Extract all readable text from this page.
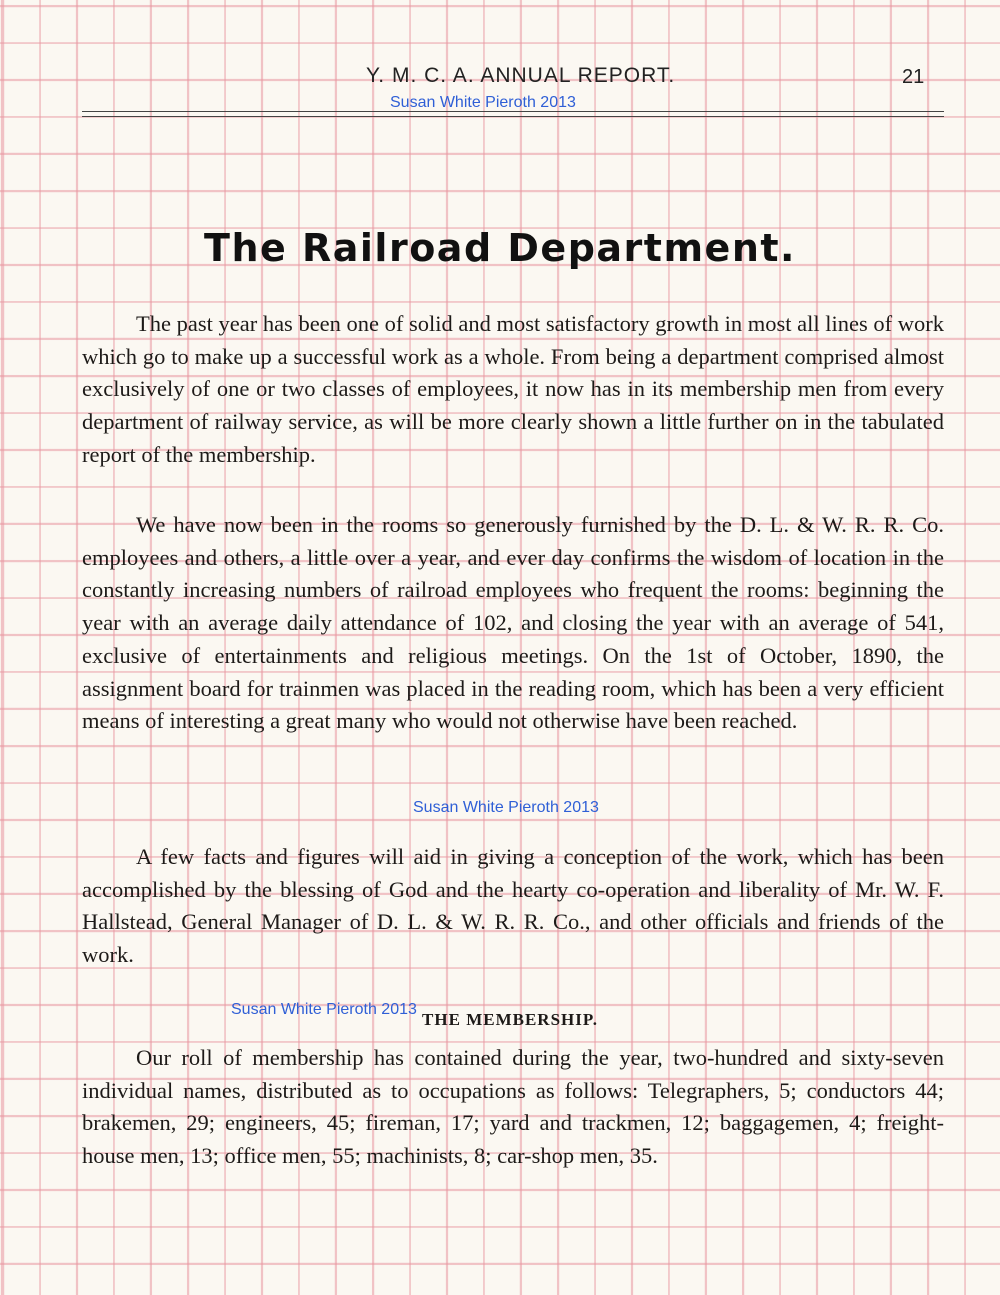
Y. M. C. A. ANNUAL REPORT.	21
Susan White Pieroth 2013
The Railroad Department.

The past year has been one of solid and most satisfactory growth in most all lines of work which go to make up a successful work as a whole. From being a department comprised almost exclusively of one or two classes of employees, it now has in its membership men from every department of railway service, as will be more clearly shown a little further on in the tabulated report of the membership.

We have now been in the rooms so generously furnished by the D. L. & W. R. R. Co. employees and others, a little over a year, and ever day confirms the wisdom of location in the constantly increasing numbers of railroad employees who frequent the rooms: beginning the year with an average daily attendance of 102, and closing the year with an average of 541, exclusive of entertainments and religious meetings. On the 1st of October, 1890, the assignment board for trainmen was placed in the reading room, which has been a very efficient means of interesting a great many who would not otherwise have been reached.

Susan White Pieroth 2013

A few facts and figures will aid in giving a conception of the work, which has been accomplished by the blessing of God and the hearty co-operation and liberality of Mr. W. F. Hallstead, General Manager of D. L. & W. R. R. Co., and other officials and friends of the work.

THE MEMBERSHIP.
Susan White Pieroth 2013

Our roll of membership has contained during the year, two-hundred and sixty-seven individual names, distributed as to occupations as follows: Telegraphers, 5; conductors 44; brakemen, 29; engineers, 45; fireman, 17; yard and trackmen, 12; baggagemen, 4; freight-house men, 13; office men, 55; machinists, 8; car-shop men, 35.
